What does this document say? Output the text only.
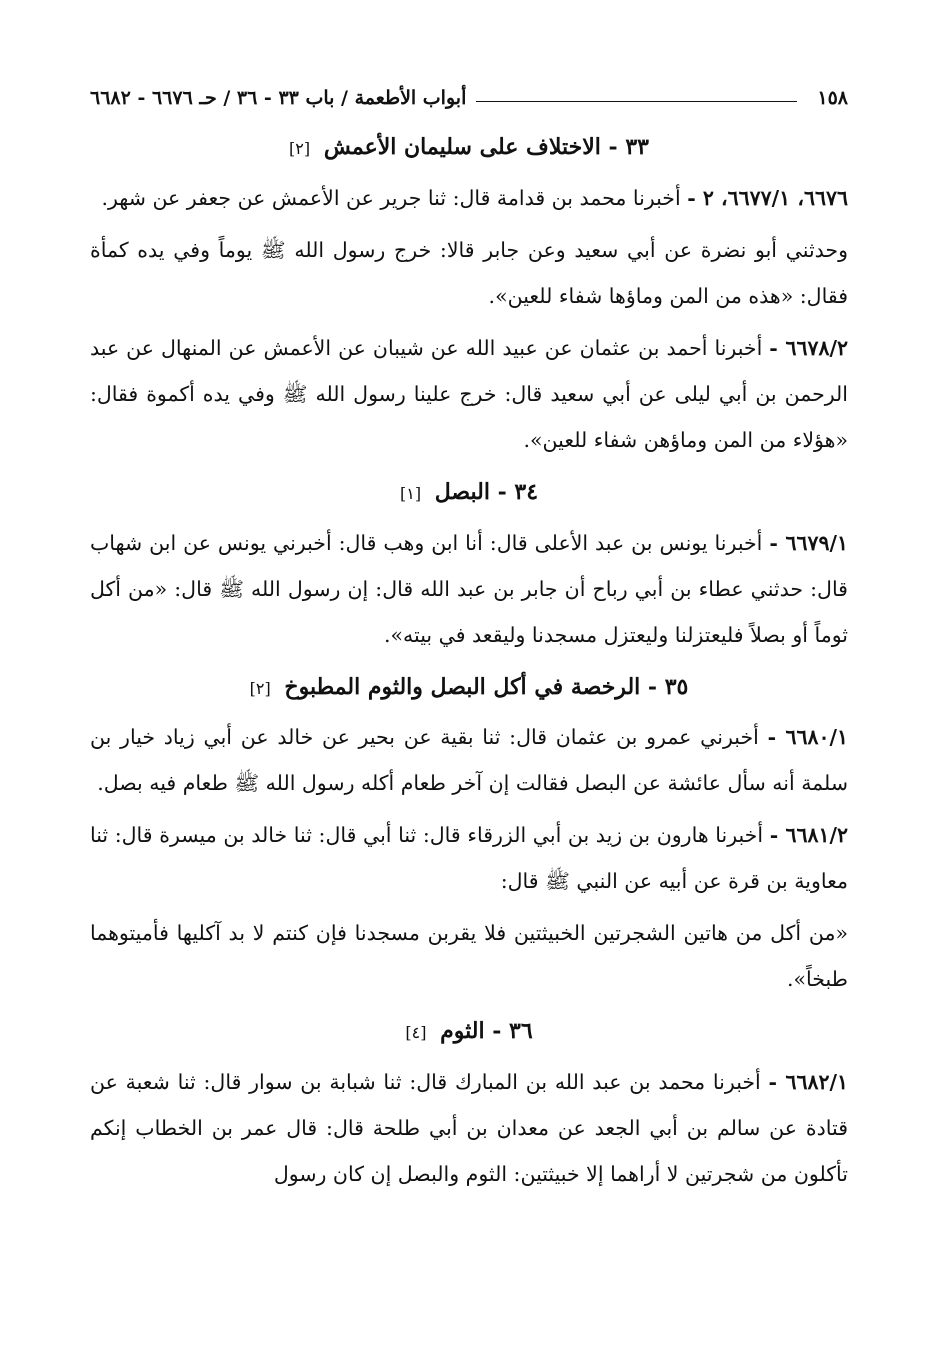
١٥٨
أبواب الأطعمة / باب ٣٣ - ٣٦ / حـ ٦٦٧٦ - ٦٦٨٢
٣٣ - الاختلاف على سليمان الأعمش [٢]

٦٦٧٦، ٦٦٧٧/١، ٢ - أخبرنا محمد بن قدامة قال: ثنا جرير عن الأعمش عن جعفر عن شهر.

وحدثني أبو نضرة عن أبي سعيد وعن جابر قالا: خرج رسول الله ﷺ يوماً وفي يده كمأة فقال: «هذه من المن وماؤها شفاء للعين».

٦٦٧٨/٢ - أخبرنا أحمد بن عثمان عن عبيد الله عن شيبان عن الأعمش عن المنهال عن عبد الرحمن بن أبي ليلى عن أبي سعيد قال: خرج علينا رسول الله ﷺ وفي يده أكموة فقال: «هؤلاء من المن وماؤهن شفاء للعين».

٣٤ - البصل [١]

٦٦٧٩/١ - أخبرنا يونس بن عبد الأعلى قال: أنا ابن وهب قال: أخبرني يونس عن ابن شهاب قال: حدثني عطاء بن أبي رباح أن جابر بن عبد الله قال: إن رسول الله ﷺ قال: «من أكل ثوماً أو بصلاً فليعتزلنا وليعتزل مسجدنا وليقعد في بيته».

٣٥ - الرخصة في أكل البصل والثوم المطبوخ [٢]

٦٦٨٠/١ - أخبرني عمرو بن عثمان قال: ثنا بقية عن بحير عن خالد عن أبي زياد خيار بن سلمة أنه سأل عائشة عن البصل فقالت إن آخر طعام أكله رسول الله ﷺ طعام فيه بصل.

٦٦٨١/٢ - أخبرنا هارون بن زيد بن أبي الزرقاء قال: ثنا أبي قال: ثنا خالد بن ميسرة قال: ثنا معاوية بن قرة عن أبيه عن النبي ﷺ قال:

«من أكل من هاتين الشجرتين الخبيثتين فلا يقربن مسجدنا فإن كنتم لا بد آكليها فأميتوهما طبخاً».

٣٦ - الثوم [٤]

٦٦٨٢/١ - أخبرنا محمد بن عبد الله بن المبارك قال: ثنا شبابة بن سوار قال: ثنا شعبة عن قتادة عن سالم بن أبي الجعد عن معدان بن أبي طلحة قال: قال عمر بن الخطاب إنكم تأكلون من شجرتين لا أراهما إلا خبيثتين: الثوم والبصل إن كان رسول
